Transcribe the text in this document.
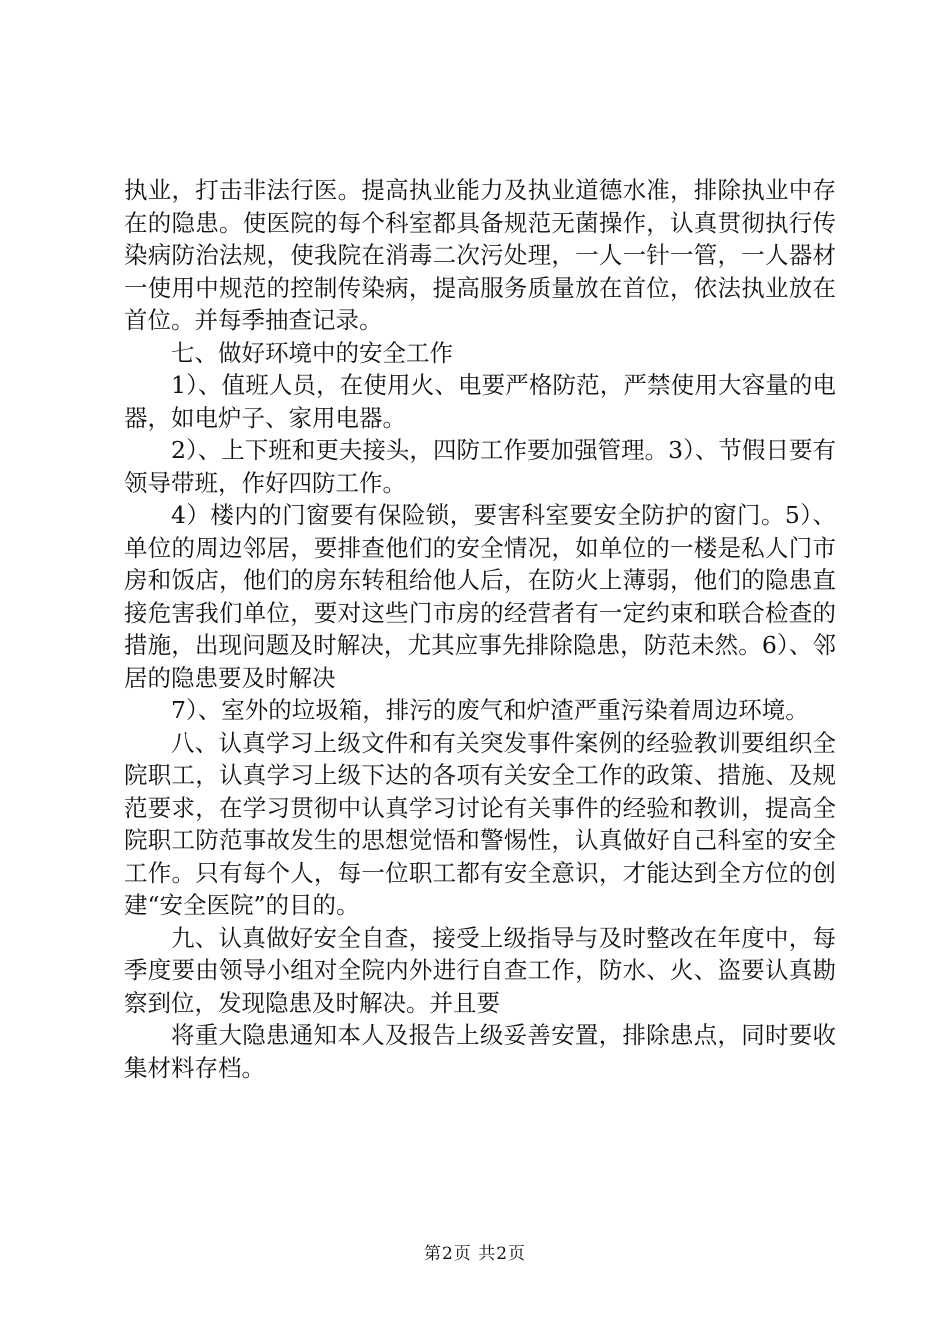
执业，打击非法行医。提高执业能力及执业道德水准，排除执业中存在的隐患。使医院的每个科室都具备规范无菌操作，认真贯彻执行传染病防治法规，使我院在消毒二次污处理，一人一针一管，一人器材一使用中规范的控制传染病，提高服务质量放在首位，依法执业放在首位。并每季抽查记录。

七、做好环境中的安全工作

1）、值班人员，在使用火、电要严格防范，严禁使用大容量的电器，如电炉子、家用电器。

2）、上下班和更夫接头，四防工作要加强管理。3）、节假日要有领导带班，作好四防工作。

4）楼内的门窗要有保险锁，要害科室要安全防护的窗门。5）、单位的周边邻居，要排查他们的安全情况，如单位的一楼是私人门市房和饭店，他们的房东转租给他人后，在防火上薄弱，他们的隐患直接危害我们单位，要对这些门市房的经营者有一定约束和联合检查的措施，出现问题及时解决，尤其应事先排除隐患，防范未然。6）、邻居的隐患要及时解决

7）、室外的垃圾箱，排污的废气和炉渣严重污染着周边环境。

八、认真学习上级文件和有关突发事件案例的经验教训要组织全院职工，认真学习上级下达的各项有关安全工作的政策、措施、及规范要求，在学习贯彻中认真学习讨论有关事件的经验和教训，提高全院职工防范事故发生的思想觉悟和警惕性，认真做好自己科室的安全工作。只有每个人，每一位职工都有安全意识，才能达到全方位的创建“安全医院”的目的。

九、认真做好安全自查，接受上级指导与及时整改在年度中，每季度要由领导小组对全院内外进行自查工作，防水、火、盗要认真勘察到位，发现隐患及时解决。并且要

将重大隐患通知本人及报告上级妥善安置，排除患点，同时要收集材料存档。

第2页 共2页
